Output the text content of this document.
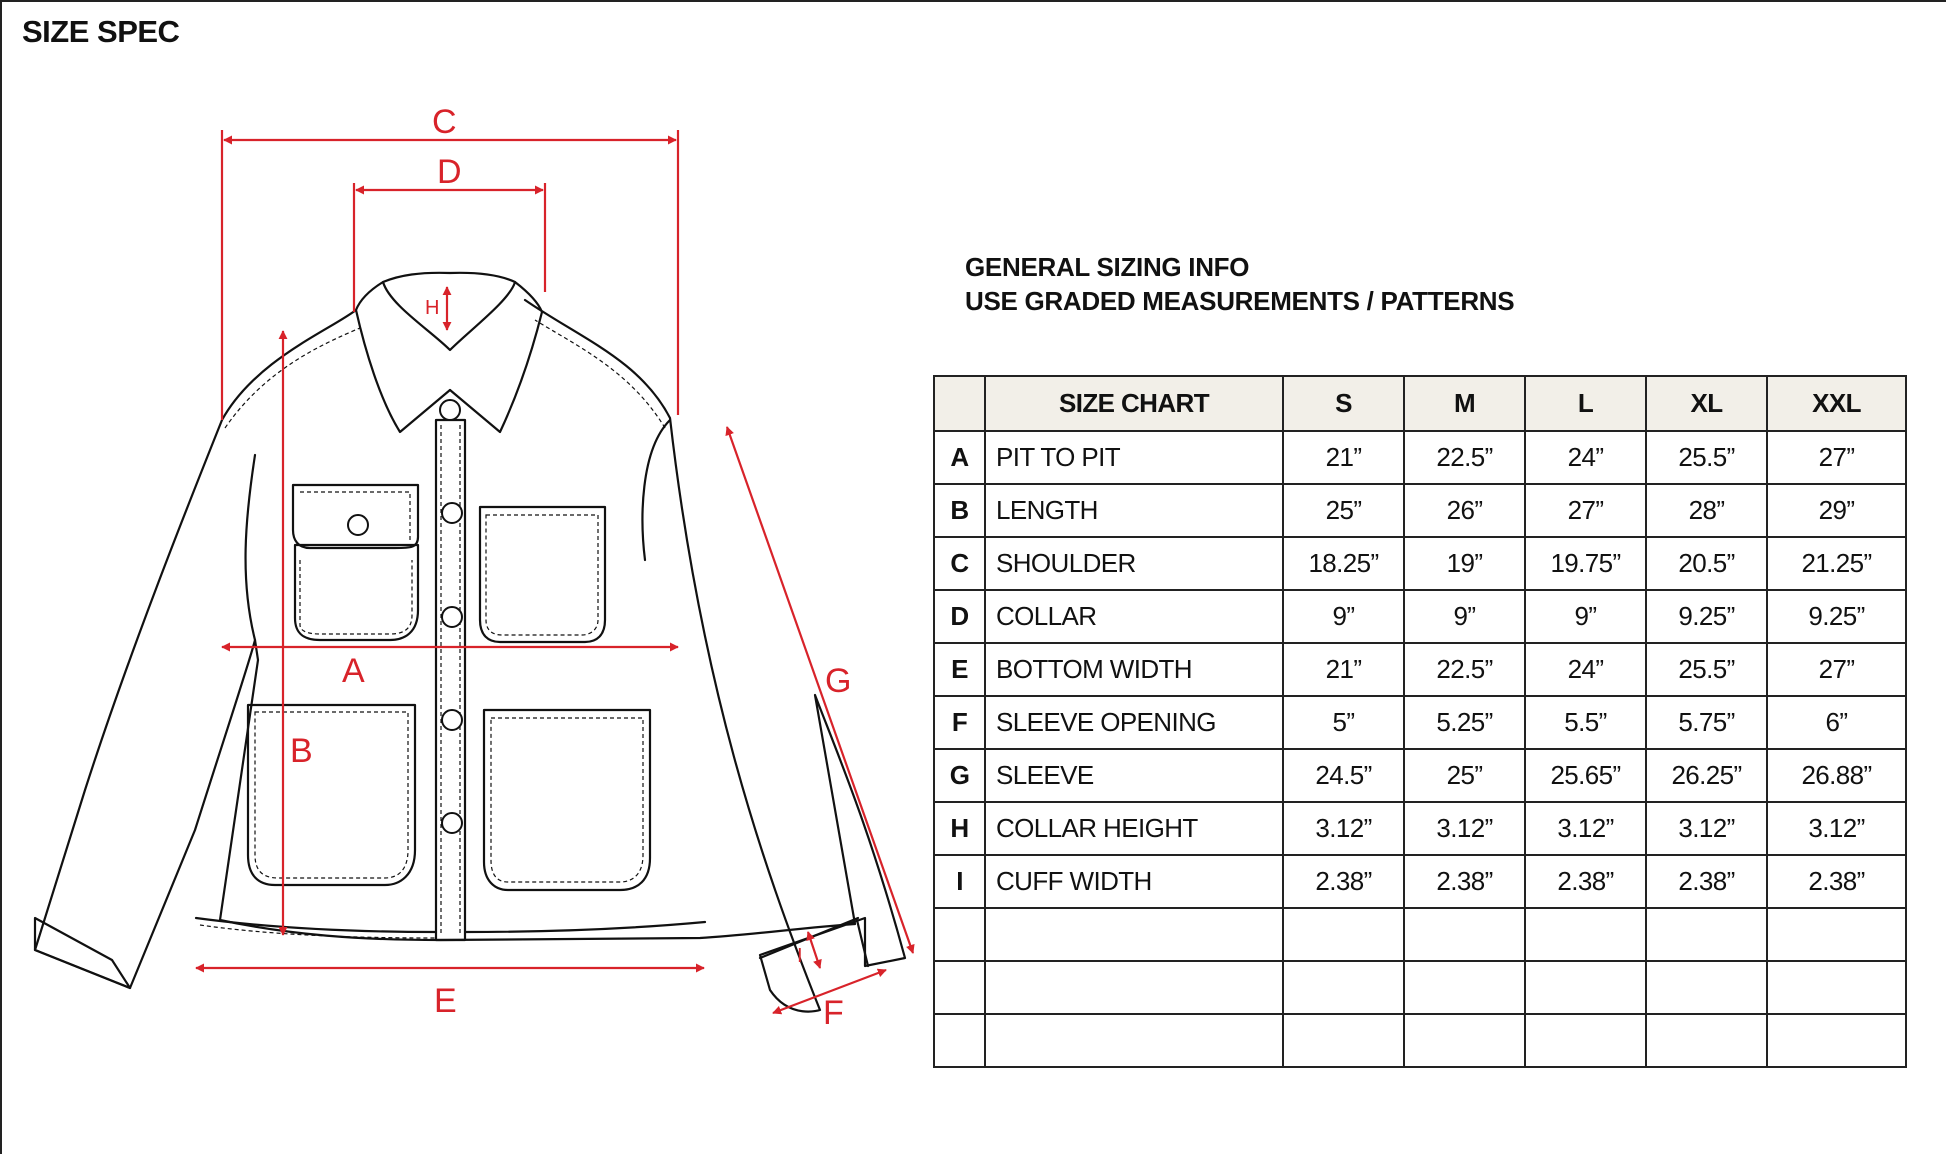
SIZE SPEC
C
D
H
A
B
E
G
F
I
GENERAL SIZING INFO
USE GRADED MEASUREMENTS / PATTERNS
	SIZE CHART	S	M	L	XL	XXL
A	PIT TO PIT	21”	22.5”	24”	25.5”	27”
B	LENGTH	25”	26”	27”	28”	29”
C	SHOULDER	18.25”	19”	19.75”	20.5”	21.25”
D	COLLAR	9”	9”	9”	9.25”	9.25”
E	BOTTOM WIDTH	21”	22.5”	24”	25.5”	27”
F	SLEEVE OPENING	5”	5.25”	5.5”	5.75”	6”
G	SLEEVE	24.5”	25”	25.65”	26.25”	26.88”
H	COLLAR HEIGHT	3.12”	3.12”	3.12”	3.12”	3.12”
I	CUFF WIDTH	2.38”	2.38”	2.38”	2.38”	2.38”
